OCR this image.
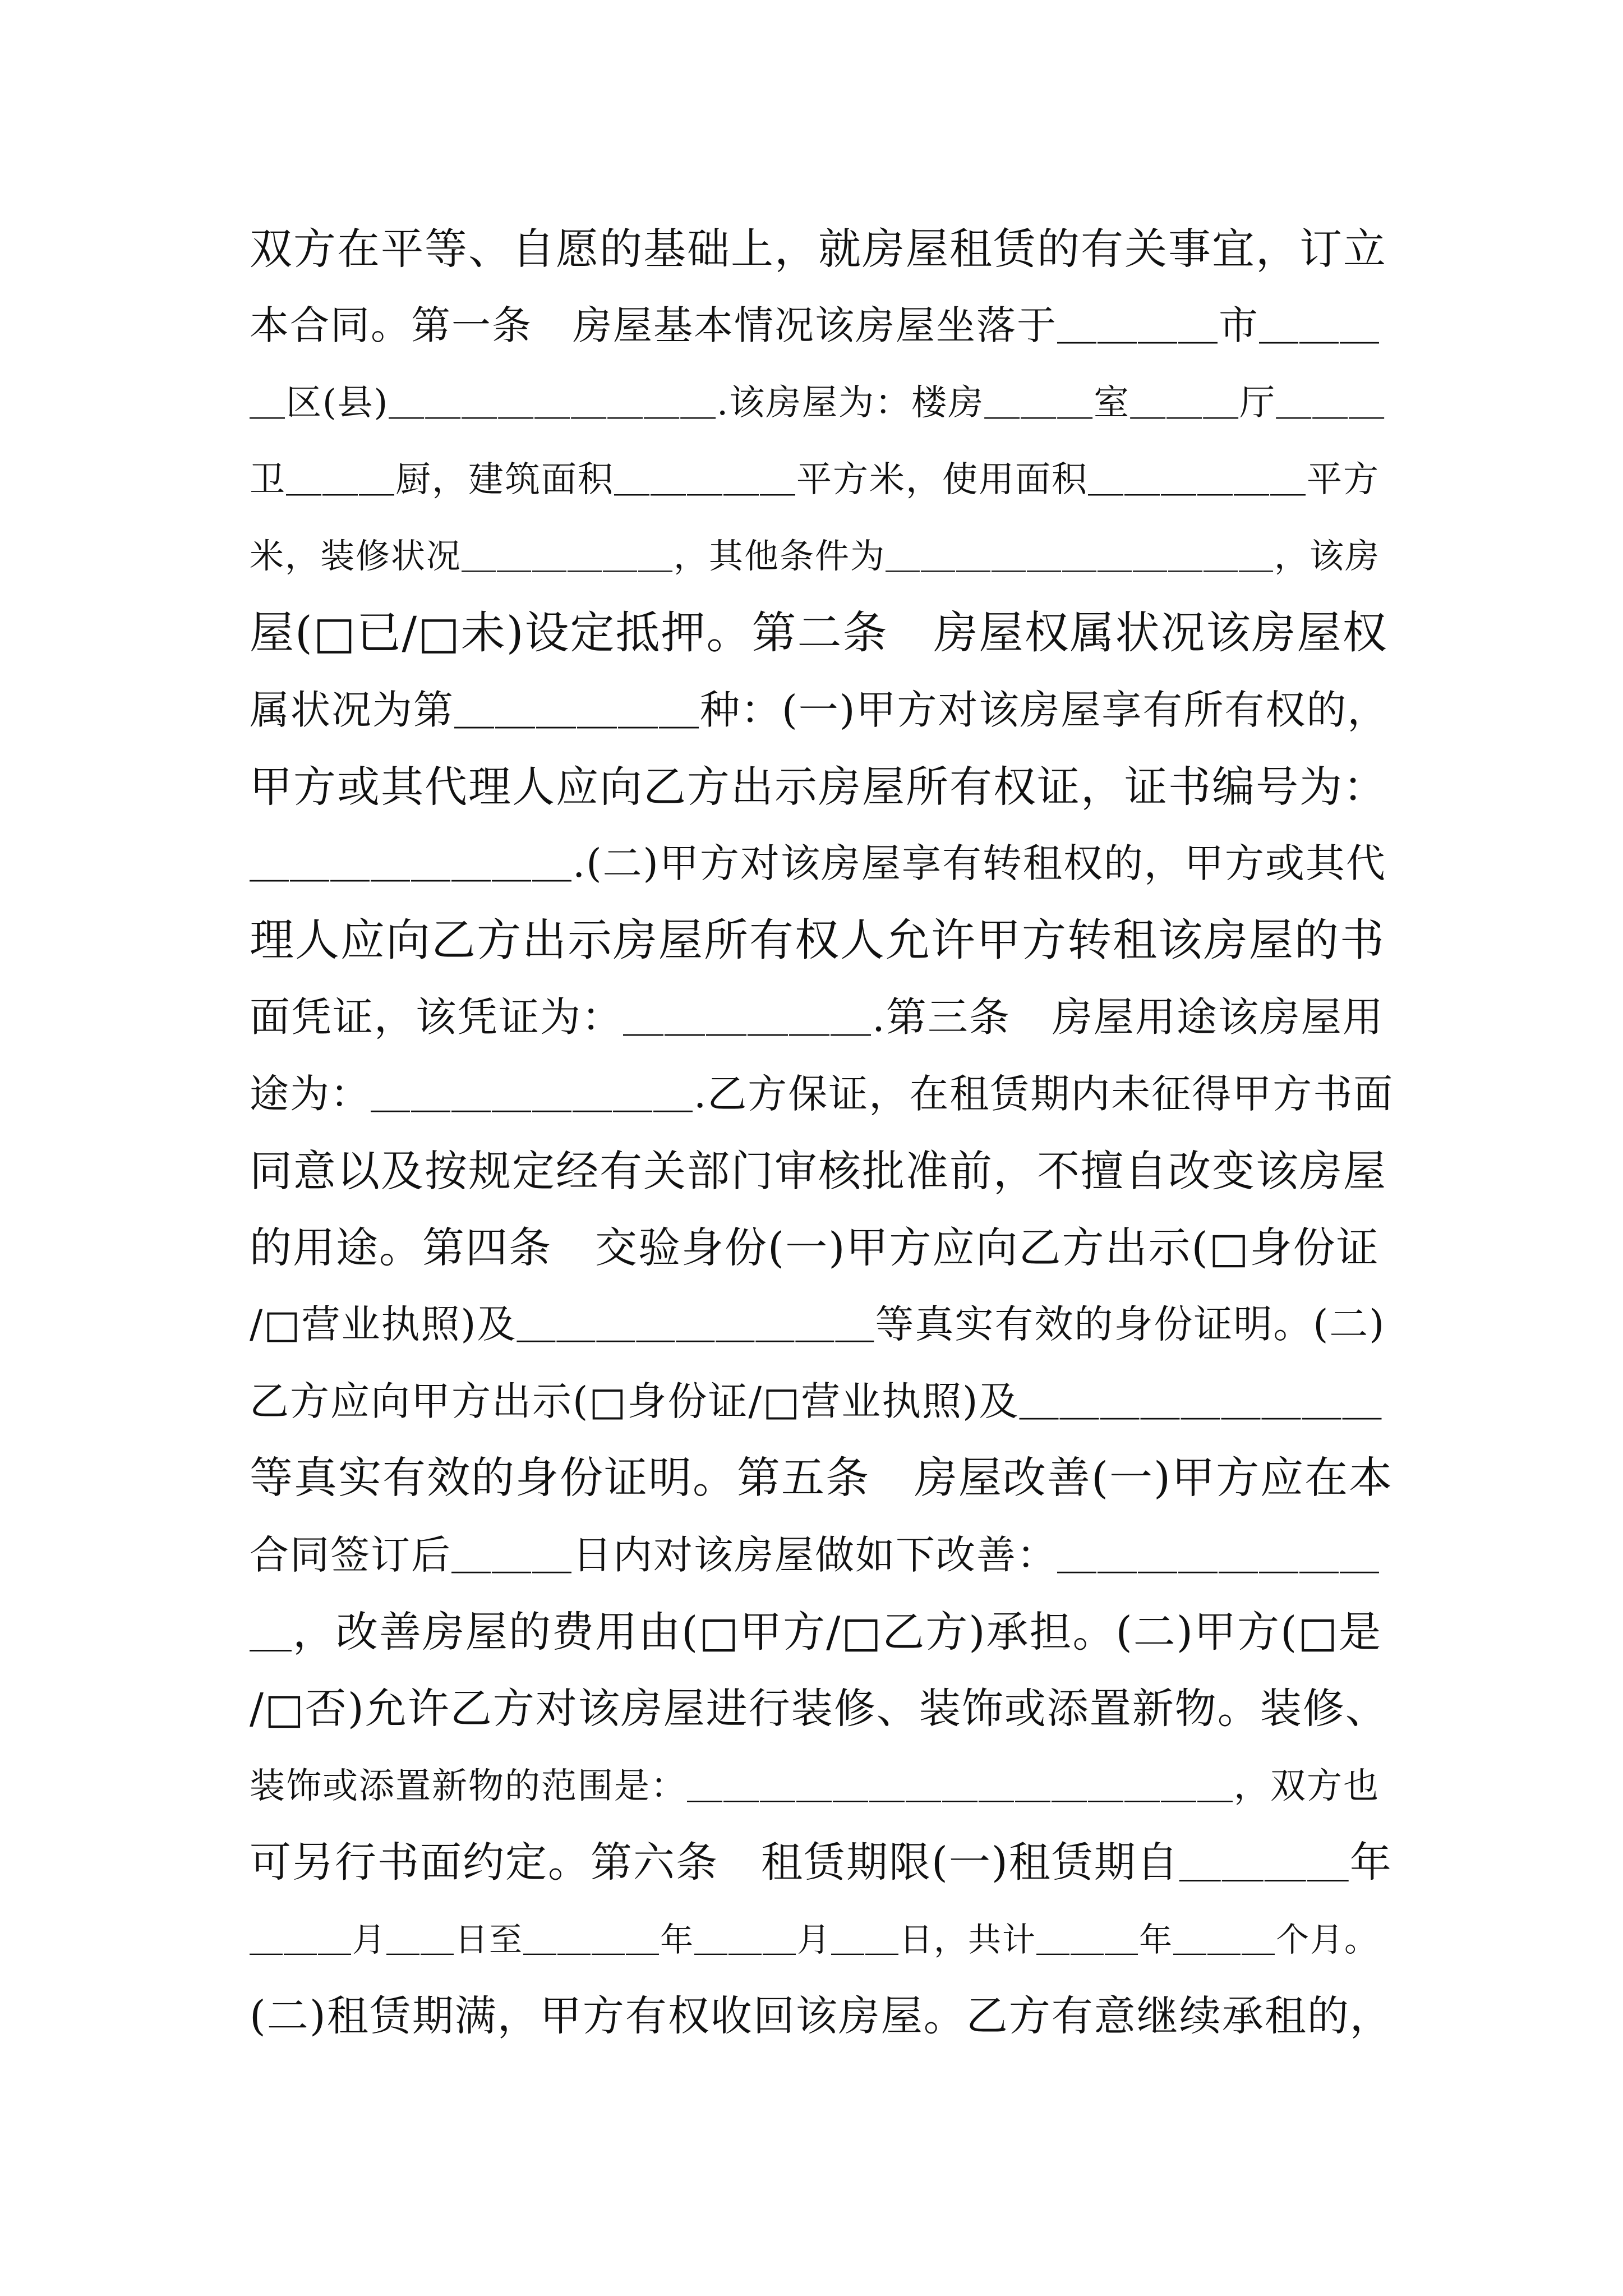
双方在平等、自愿的基础上，就房屋租赁的有关事宜，订立
本合同。第一条　房屋基本情况该房屋坐落于＿＿＿＿市＿＿＿
＿区(县)＿＿＿＿＿＿＿＿＿.该房屋为：楼房＿＿＿室＿＿＿厅＿＿＿
卫＿＿＿厨，建筑面积＿＿＿＿＿平方米，使用面积＿＿＿＿＿＿平方
米，装修状况＿＿＿＿＿＿，其他条件为＿＿＿＿＿＿＿＿＿＿＿，该房
屋(□已/□未)设定抵押。第二条　房屋权属状况该房屋权
属状况为第＿＿＿＿＿＿种：(一)甲方对该房屋享有所有权的，
甲方或其代理人应向乙方出示房屋所有权证，证书编号为：
＿＿＿＿＿＿＿＿.(二)甲方对该房屋享有转租权的，甲方或其代
理人应向乙方出示房屋所有权人允许甲方转租该房屋的书
面凭证，该凭证为：＿＿＿＿＿＿.第三条　房屋用途该房屋用
途为：＿＿＿＿＿＿＿＿.乙方保证，在租赁期内未征得甲方书面
同意以及按规定经有关部门审核批准前，不擅自改变该房屋
的用途。第四条　交验身份(一)甲方应向乙方出示(□身份证
/□营业执照)及＿＿＿＿＿＿＿＿＿等真实有效的身份证明。(二)
乙方应向甲方出示(□身份证/□营业执照)及＿＿＿＿＿＿＿＿＿
等真实有效的身份证明。第五条　房屋改善(一)甲方应在本
合同签订后＿＿＿日内对该房屋做如下改善：＿＿＿＿＿＿＿＿
＿，改善房屋的费用由(□甲方/□乙方)承担。(二)甲方(□是
/□否)允许乙方对该房屋进行装修、装饰或添置新物。装修、
装饰或添置新物的范围是：＿＿＿＿＿＿＿＿＿＿＿＿＿＿＿，双方也
可另行书面约定。第六条　租赁期限(一)租赁期自＿＿＿＿年
＿＿＿月＿＿日至＿＿＿＿年＿＿＿月＿＿日，共计＿＿＿年＿＿＿个月。
(二)租赁期满，甲方有权收回该房屋。乙方有意继续承租的，
